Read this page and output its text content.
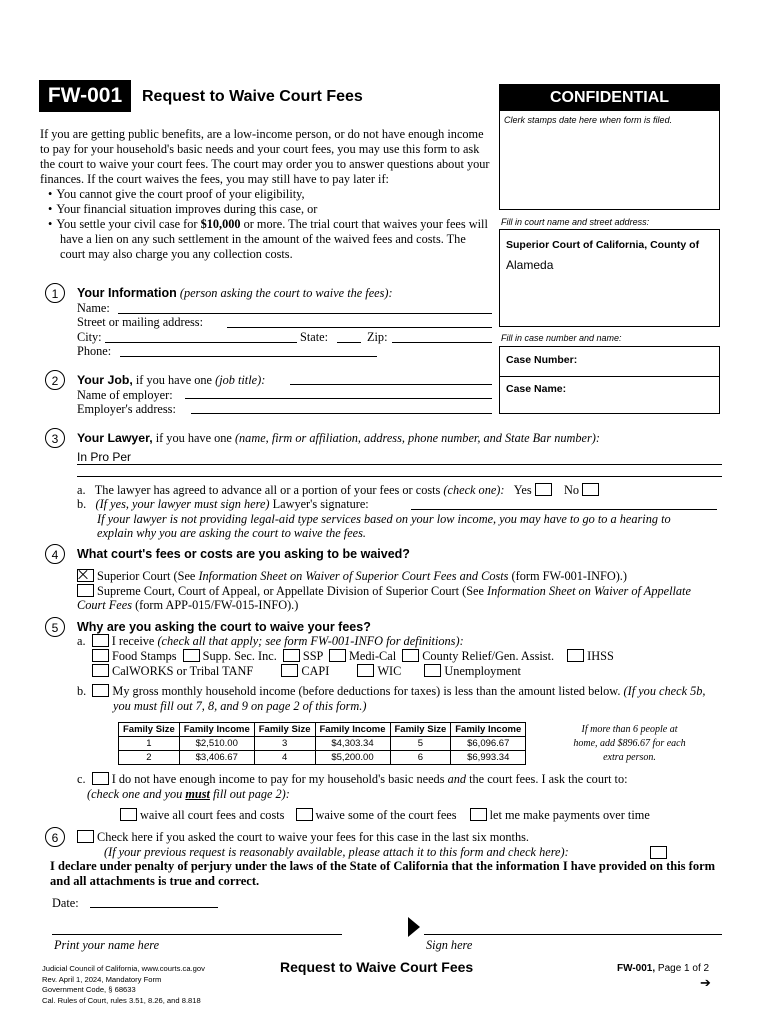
FW-001	Request to Waive Court Fees	CONFIDENTIAL
Clerk stamps date here when form is filed.
Fill in court name and street address:
Superior Court of California, County of
Alameda
Fill in case number and name:
Case Number:
Case Name:
If you are getting public benefits, are a low-income person, or do not have enough income to pay for your household's basic needs and your court fees, you may use this form to ask the court to waive your court fees. The court may order you to answer questions about your finances. If the court waives the fees, you may still have to pay later if:
• You cannot give the court proof of your eligibility,
• Your financial situation improves during this case, or
• You settle your civil case for $10,000 or more. The trial court that waives your fees will have a lien on any such settlement in the amount of the waived fees and costs. The court may also charge you any collection costs.
1	Your Information (person asking the court to waive the fees):
Name:
Street or mailing address:
City:	State:	Zip:
Phone:
2	Your Job, if you have one (job title):
Name of employer:
Employer's address:
3	Your Lawyer, if you have one (name, firm or affiliation, address, phone number, and State Bar number):
In Pro Per
a. The lawyer has agreed to advance all or a portion of your fees or costs (check one): Yes	No
b. (If yes, your lawyer must sign here) Lawyer's signature:
If your lawyer is not providing legal-aid type services based on your low income, you may have to go to a hearing to explain why you are asking the court to waive the fees.
4	What court's fees or costs are you asking to be waived?
Superior Court (See Information Sheet on Waiver of Superior Court Fees and Costs (form FW-001-INFO).)
Supreme Court, Court of Appeal, or Appellate Division of Superior Court (See Information Sheet on Waiver of Appellate Court Fees (form APP-015/FW-015-INFO).)
5	Why are you asking the court to waive your fees?
a. I receive (check all that apply; see form FW-001-INFO for definitions):
Food Stamps Supp. Sec. Inc. SSP Medi-Cal County Relief/Gen. Assist.	IHSS
CalWORKS or Tribal TANF	CAPI	WIC	Unemployment
b. My gross monthly household income (before deductions for taxes) is less than the amount listed below. (If you check 5b, you must fill out 7, 8, and 9 on page 2 of this form.)
Family Size	Family Income	Family Size	Family Income	Family Size	Family Income
1	$2,510.00	3	$4,303.34	5	$6,096.67
2	$3,406.67	4	$5,200.00	6	$6,993.34
If more than 6 people at home, add $896.67 for each extra person.
c. I do not have enough income to pay for my household's basic needs and the court fees. I ask the court to:
(check one and you must fill out page 2):
waive all court fees and costs	waive some of the court fees	let me make payments over time
6	Check here if you asked the court to waive your fees for this case in the last six months.
(If your previous request is reasonably available, please attach it to this form and check here):
I declare under penalty of perjury under the laws of the State of California that the information I have provided on this form and all attachments is true and correct.
Date:
Print your name here	Sign here
Judicial Council of California, www.courts.ca.gov
Rev. April 1, 2024, Mandatory Form
Government Code, § 68633
Cal. Rules of Court, rules 3.51, 8.26, and 8.818
Request to Waive Court Fees	FW-001, Page 1 of 2
➔
